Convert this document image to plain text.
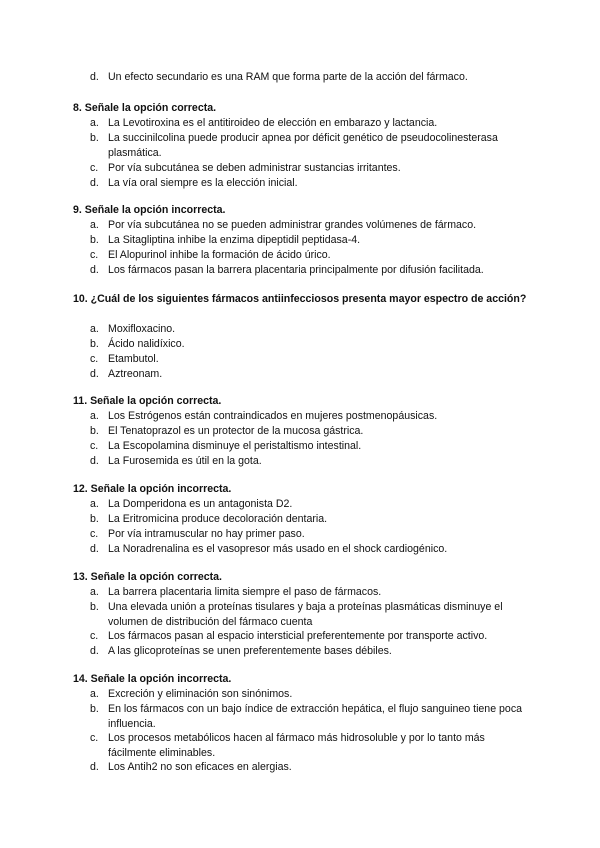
d. Un efecto secundario es una RAM que forma parte de la acción del fármaco.
8. Señale la opción correcta.
a. La Levotiroxina es el antitiroideo de elección en embarazo y lactancia.
b. La succinilcolina puede producir apnea por déficit genético de pseudocolinesterasa plasmática.
c. Por vía subcutánea se deben administrar sustancias irritantes.
d. La vía oral siempre es la elección inicial.
9. Señale la opción incorrecta.
a. Por vía subcutánea no se pueden administrar grandes volúmenes de fármaco.
b. La Sitagliptina inhibe la enzima dipeptidil peptidasa-4.
c. El Alopurinol inhibe la formación de ácido úrico.
d. Los fármacos pasan la barrera placentaria principalmente por difusión facilitada.
10. ¿Cuál de los siguientes fármacos antiinfecciosos presenta mayor espectro de acción?
a. Moxifloxacino.
b. Ácido nalidíxico.
c. Etambutol.
d. Aztreonam.
11. Señale la opción correcta.
a. Los Estrógenos están contraindicados en mujeres postmenopáusicas.
b. El Tenatoprazol es un protector de la mucosa gástrica.
c. La Escopolamina disminuye el peristaltismo intestinal.
d. La Furosemida es útil en la gota.
12. Señale la opción incorrecta.
a. La Domperidona es un antagonista D2.
b. La Eritromicina produce decoloración dentaria.
c. Por vía intramuscular no hay primer paso.
d. La Noradrenalina es el vasopresor más usado en el shock cardiogénico.
13. Señale la opción correcta.
a. La barrera placentaria limita siempre el paso de fármacos.
b. Una elevada unión a proteínas tisulares y baja a proteínas plasmáticas disminuye el volumen de distribución del fármaco cuenta
c. Los fármacos pasan al espacio intersticial preferentemente por transporte activo.
d. A las glicoproteínas se unen preferentemente bases débiles.
14. Señale la opción incorrecta.
a. Excreción y eliminación son sinónimos.
b. En los fármacos con un bajo índice de extracción hepática, el flujo sanguineo tiene poca influencia.
c. Los procesos metabólicos hacen al fármaco más hidrosoluble y por lo tanto más fácilmente eliminables.
d. Los Antih2 no son eficaces en alergias.
